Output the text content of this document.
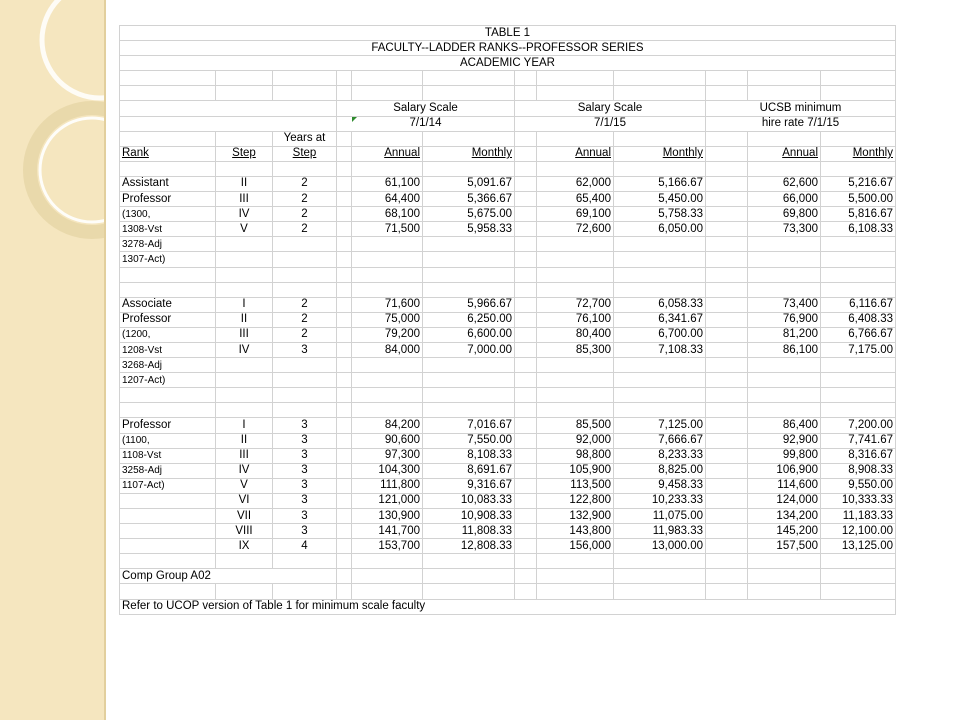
TABLE 1											
FACULTY--LADDER RANKS--PROFESSOR SERIES											
ACADEMIC YEAR											

			Salary Scale			Salary Scale			UCSB minimum		
			7/1/14			7/1/15			hire rate 7/1/15		
		Years at									
Rank	Step	Step		Annual	Monthly		Annual	Monthly		Annual	Monthly

Assistant	II	2		61,100	5,091.67		62,000	5,166.67		62,600	5,216.67
Professor	III	2		64,400	5,366.67		65,400	5,450.00		66,000	5,500.00
(1300,	IV	2		68,100	5,675.00		69,100	5,758.33		69,800	5,816.67
1308-Vst	V	2		71,500	5,958.33		72,600	6,050.00		73,300	6,108.33
3278-Adj											
1307-Act)											

Associate	I	2		71,600	5,966.67		72,700	6,058.33		73,400	6,116.67
Professor	II	2		75,000	6,250.00		76,100	6,341.67		76,900	6,408.33
(1200,	III	2		79,200	6,600.00		80,400	6,700.00		81,200	6,766.67
1208-Vst	IV	3		84,000	7,000.00		85,300	7,108.33		86,100	7,175.00
3268-Adj											
1207-Act)											

Professor	I	3		84,200	7,016.67		85,500	7,125.00		86,400	7,200.00
(1100,	II	3		90,600	7,550.00		92,000	7,666.67		92,900	7,741.67
1108-Vst	III	3		97,300	8,108.33		98,800	8,233.33		99,800	8,316.67
3258-Adj	IV	3		104,300	8,691.67		105,900	8,825.00		106,900	8,908.33
1107-Act)	V	3		111,800	9,316.67		113,500	9,458.33		114,600	9,550.00
	VI	3		121,000	10,083.33		122,800	10,233.33		124,000	10,333.33
	VII	3		130,900	10,908.33		132,900	11,075.00		134,200	11,183.33
	VIII	3		141,700	11,808.33		143,800	11,983.33		145,200	12,100.00
	IX	4		153,700	12,808.33		156,000	13,000.00		157,500	13,125.00

Comp Group A02											

Refer to UCOP version of Table 1 for minimum scale faculty											
